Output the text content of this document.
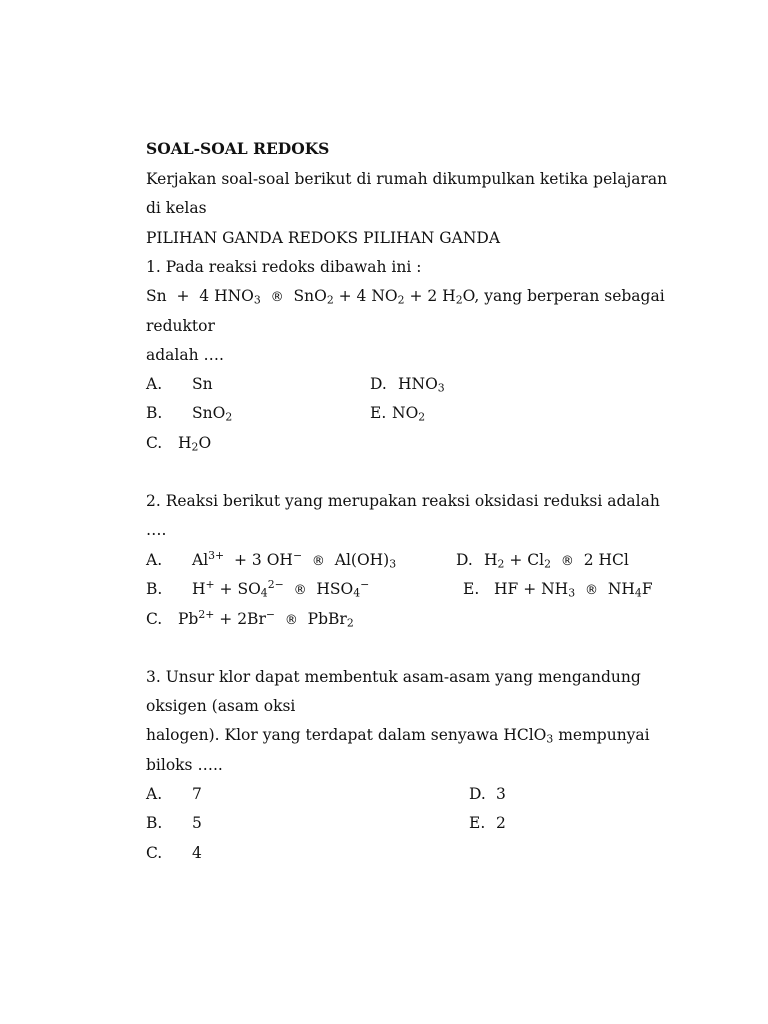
SOAL-SOAL REDOKS
Kerjakan soal-soal berikut di rumah dikumpulkan ketika pelajaran
di kelas
PILIHAN GANDA REDOKS PILIHAN GANDA
1. Pada reaksi redoks dibawah ini :
Sn  +  4 $HNO_3$ ®  SnO$_2$ + 4 $NO_2 + 2$ $H_2O$, yang berperan sebagai
reduktor
adalah ….
A. Sn	D. $HNO_3$
B. SnO$_2$	E. $NO_2$
C. $H_2O$
2. Reaksi berikut yang merupakan reaksi oksidasi reduksi adalah
….
A. $Al^{3+} + 3$ OH− ®  $Al(OH)_3$	D. $H_2 + Cl_2$ ®  2 HCl
B. $H^+ + SO_4^{2-}$ ®  $HSO_4^-$	E. HF + $NH_3$ ®  $NH_4F$
C. $Pb^{2+} + 2Br^-$ ®  PbBr$_2$
3. Unsur klor dapat membentuk asam-asam yang mengandung
oksigen (asam oksi
halogen). Klor yang terdapat dalam senyawa HClO$_3$ mempunyai
biloks …..
A. 7	D. 3
B. 5	E. 2
C. 4
